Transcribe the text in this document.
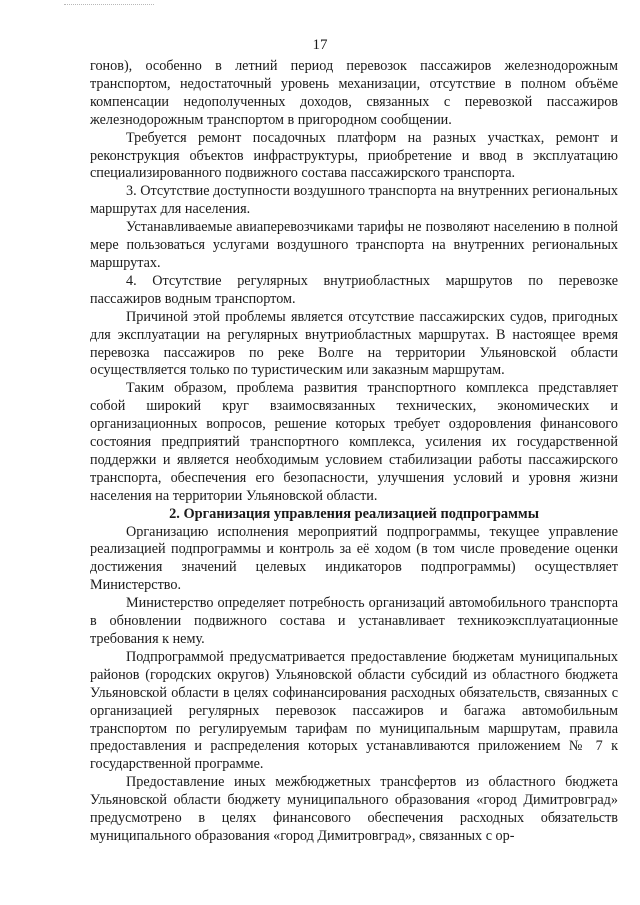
17

гонов), особенно в летний период перевозок пассажиров железнодорожным транспортом, недостаточный уровень механизации, отсутствие в полном объёме компенсации недополученных доходов, связанных с перевозкой пассажиров железнодорожным транспортом в пригородном сообщении.

Требуется ремонт посадочных платформ на разных участках, ремонт и реконструкция объектов инфраструктуры, приобретение и ввод в эксплуатацию специализированного подвижного состава пассажирского транспорта.

3. Отсутствие доступности воздушного транспорта на внутренних региональных маршрутах для населения.

Устанавливаемые авиаперевозчиками тарифы не позволяют населению в полной мере пользоваться услугами воздушного транспорта на внутренних региональных маршрутах.

4. Отсутствие регулярных внутриобластных маршрутов по перевозке пассажиров водным транспортом.

Причиной этой проблемы является отсутствие пассажирских судов, пригодных для эксплуатации на регулярных внутриобластных маршрутах. В настоящее время перевозка пассажиров по реке Волге на территории Ульяновской области осуществляется только по туристическим или заказным маршрутам.

Таким образом, проблема развития транспортного комплекса представляет собой широкий круг взаимосвязанных технических, экономических и организационных вопросов, решение которых требует оздоровления финансового состояния предприятий транспортного комплекса, усиления их государственной поддержки и является необходимым условием стабилизации работы пассажирского транспорта, обеспечения его безопасности, улучшения условий и уровня жизни населения на территории Ульяновской области.

2. Организация управления реализацией подпрограммы

Организацию исполнения мероприятий подпрограммы, текущее управление реализацией подпрограммы и контроль за её ходом (в том числе проведение оценки достижения значений целевых индикаторов подпрограммы) осуществляет Министерство.

Министерство определяет потребность организаций автомобильного транспорта в обновлении подвижного состава и устанавливает техникоэксплуатационные требования к нему.

Подпрограммой предусматривается предоставление бюджетам муниципальных районов (городских округов) Ульяновской области субсидий из областного бюджета Ульяновской области в целях софинансирования расходных обязательств, связанных с организацией регулярных перевозок пассажиров и багажа автомобильным транспортом по регулируемым тарифам по муниципальным маршрутам, правила предоставления и распределения которых устанавливаются приложением № 7 к государственной программе.

Предоставление иных межбюджетных трансфертов из областного бюджета Ульяновской области бюджету муниципального образования «город Димитровград» предусмотрено в целях финансового обеспечения расходных обязательств муниципального образования «город Димитровград», связанных с ор-
